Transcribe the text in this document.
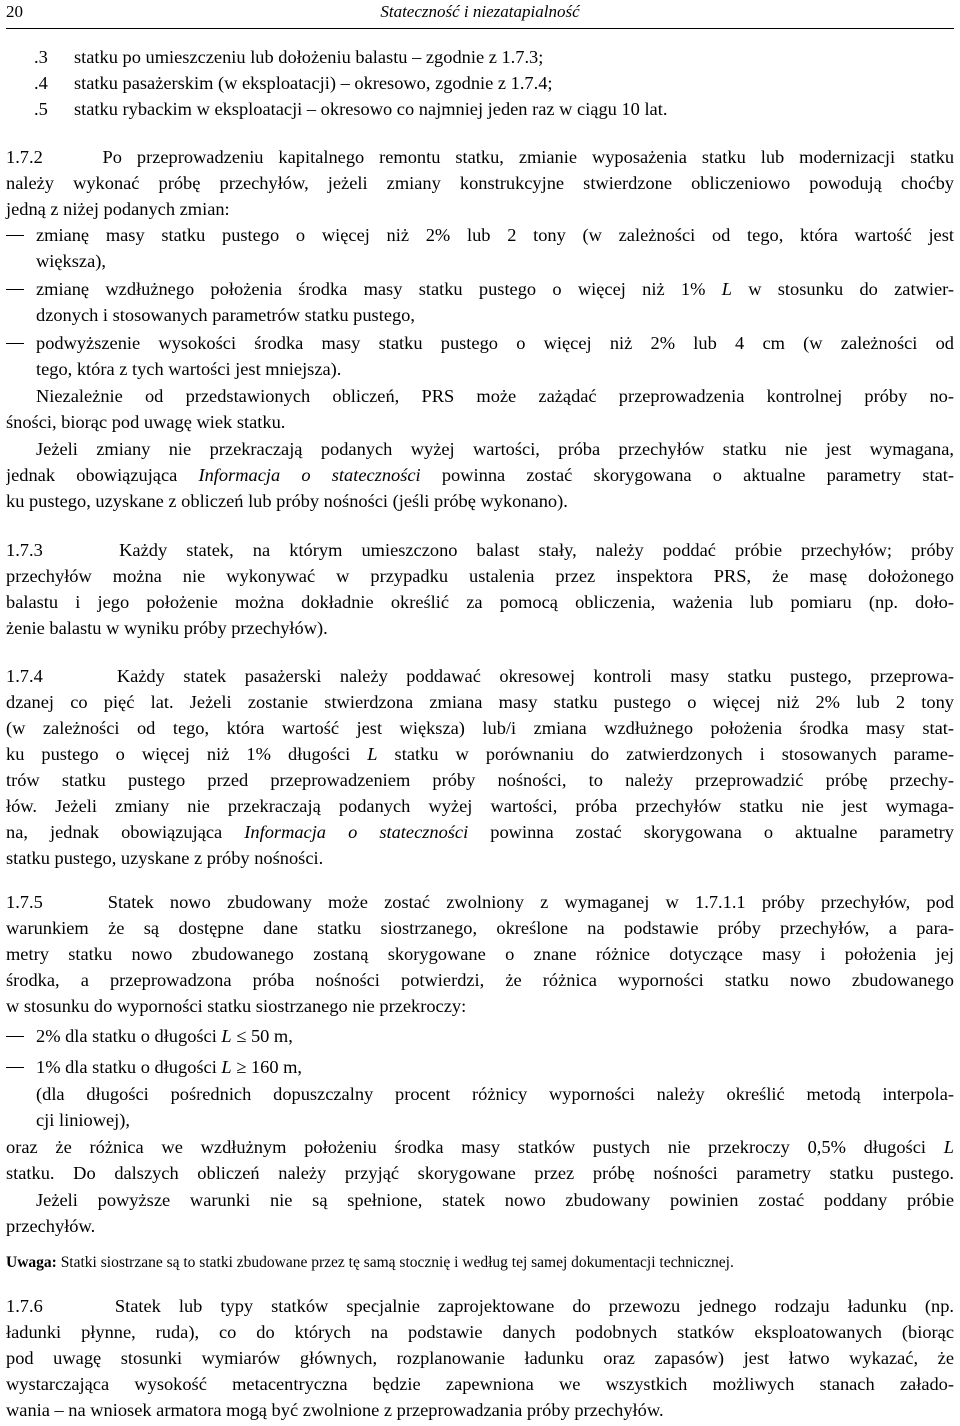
20	Stateczność i niezatapialność
.3	statku po umieszczeniu lub dołożeniu balastu – zgodnie z 1.7.3;
.4	statku pasażerskim (w eksploatacji) – okresowo, zgodnie z 1.7.4;
.5	statku rybackim w eksploatacji – okresowo co najmniej jeden raz w ciągu 10 lat.
1.7.2	Po przeprowadzeniu kapitalnego remontu statku, zmianie wyposażenia statku lub modernizacji statku
należy wykonać próbę przechyłów, jeżeli zmiany konstrukcyjne stwierdzone obliczeniowo powodują choćby
jedną z niżej podanych zmian:
zmianę masy statku pustego o więcej niż 2% lub 2 tony (w zależności od tego, która wartość jest
większa),
zmianę wzdłużnego położenia środka masy statku pustego o więcej niż 1% L w stosunku do zatwier-
dzonych i stosowanych parametrów statku pustego,
podwyższenie wysokości środka masy statku pustego o więcej niż 2% lub 4 cm (w zależności od
tego, która z tych wartości jest mniejsza).
Niezależnie od przedstawionych obliczeń, PRS może zażądać przeprowadzenia kontrolnej próby no-
śności, biorąc pod uwagę wiek statku.
Jeżeli zmiany nie przekraczają podanych wyżej wartości, próba przechyłów statku nie jest wymagana,
jednak obowiązująca Informacja o stateczności powinna zostać skorygowana o aktualne parametry stat-
ku pustego, uzyskane z obliczeń lub próby nośności (jeśli próbę wykonano).
1.7.3	Każdy statek, na którym umieszczono balast stały, należy poddać próbie przechyłów; próby
przechyłów można nie wykonywać w przypadku ustalenia przez inspektora PRS, że masę dołożonego
balastu i jego położenie można dokładnie określić za pomocą obliczenia, ważenia lub pomiaru (np. doło-
żenie balastu w wyniku próby przechyłów).
1.7.4	Każdy statek pasażerski należy poddawać okresowej kontroli masy statku pustego, przeprowa-
dzanej co pięć lat. Jeżeli zostanie stwierdzona zmiana masy statku pustego o więcej niż 2% lub 2 tony
(w zależności od tego, która wartość jest większa) lub/i zmiana wzdłużnego położenia środka masy stat-
ku pustego o więcej niż 1% długości L statku w porównaniu do zatwierdzonych i stosowanych parame-
trów statku pustego przed przeprowadzeniem próby nośności, to należy przeprowadzić próbę przechy-
łów. Jeżeli zmiany nie przekraczają podanych wyżej wartości, próba przechyłów statku nie jest wymaga-
na, jednak obowiązująca Informacja o stateczności powinna zostać skorygowana o aktualne parametry
statku pustego, uzyskane z próby nośności.
1.7.5	Statek nowo zbudowany może zostać zwolniony z wymaganej w 1.7.1.1 próby przechyłów, pod
warunkiem że są dostępne dane statku siostrzanego, określone na podstawie próby przechyłów, a para-
metry statku nowo zbudowanego zostaną skorygowane o znane różnice dotyczące masy i położenia jej
środka, a przeprowadzona próba nośności potwierdzi, że różnica wyporności statku nowo zbudowanego
w stosunku do wyporności statku siostrzanego nie przekroczy:
2% dla statku o długości L ≤ 50 m,
1% dla statku o długości L ≥ 160 m,
(dla długości pośrednich dopuszczalny procent różnicy wyporności należy określić metodą interpola-
cji liniowej),
oraz że różnica we wzdłużnym położeniu środka masy statków pustych nie przekroczy 0,5% długości L
statku. Do dalszych obliczeń należy przyjąć skorygowane przez próbę nośności parametry statku pustego.
Jeżeli powyższe warunki nie są spełnione, statek nowo zbudowany powinien zostać poddany próbie
przechyłów.
Uwaga: Statki siostrzane są to statki zbudowane przez tę samą stocznię i według tej samej dokumentacji technicznej.
1.7.6	Statek lub typy statków specjalnie zaprojektowane do przewozu jednego rodzaju ładunku (np.
ładunki płynne, ruda), co do których na podstawie danych podobnych statków eksploatowanych (biorąc
pod uwagę stosunki wymiarów głównych, rozplanowanie ładunku oraz zapasów) jest łatwo wykazać, że
wystarczająca wysokość metacentryczna będzie zapewniona we wszystkich możliwych stanach załado-
wania – na wniosek armatora mogą być zwolnione z przeprowadzania próby przechyłów.
